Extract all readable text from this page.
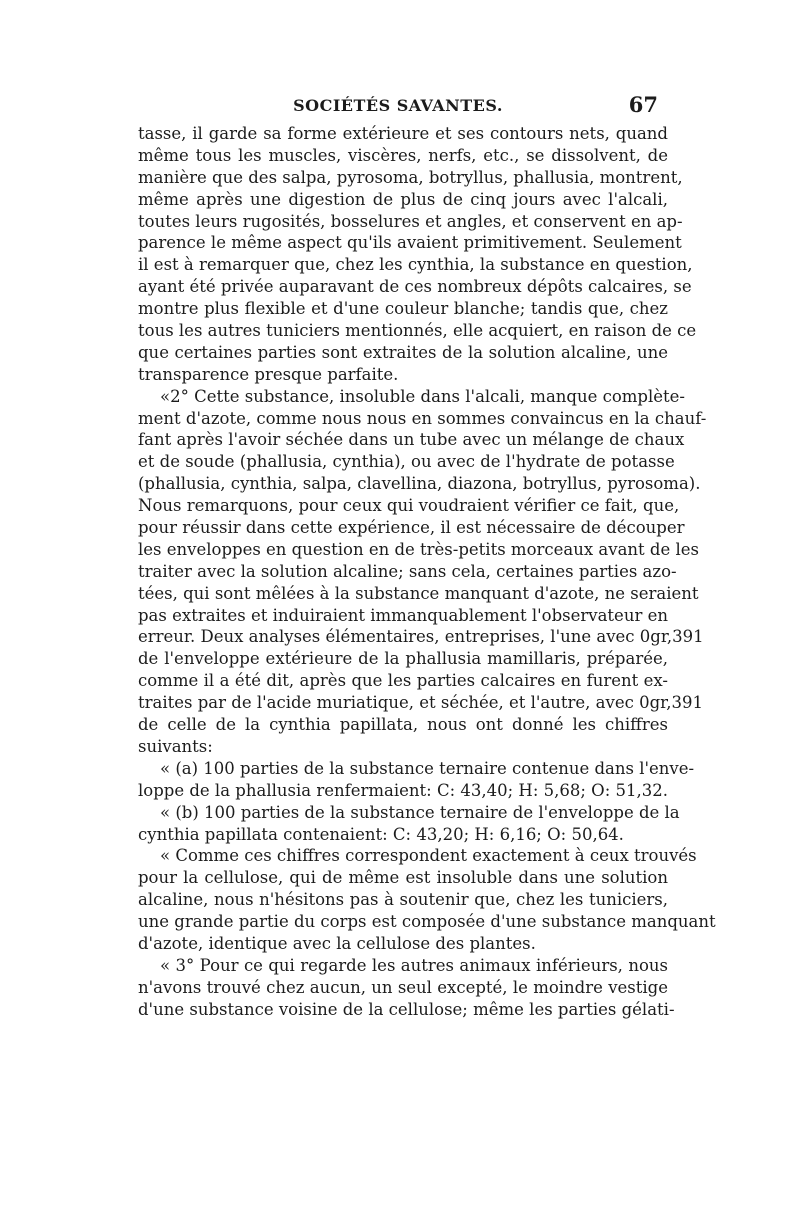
SOCIÉTÉS SAVANTES.	67
tasse, il garde sa forme extérieure et ses contours nets, quand
même tous les muscles, viscères, nerfs, etc., se dissolvent, de
manière que des salpa, pyrosoma, botryllus, phallusia, montrent,
même après une digestion de plus de cinq jours avec l'alcali,
toutes leurs rugosités, bosselures et angles, et conservent en ap-
parence le même aspect qu'ils avaient primitivement. Seulement
il est à remarquer que, chez les cynthia, la substance en question,
ayant été privée auparavant de ces nombreux dépôts calcaires, se
montre plus flexible et d'une couleur blanche; tandis que, chez
tous les autres tuniciers mentionnés, elle acquiert, en raison de ce
que certaines parties sont extraites de la solution alcaline, une
transparence presque parfaite.
«2° Cette substance, insoluble dans l'alcali, manque complète-
ment d'azote, comme nous nous en sommes convaincus en la chauf-
fant après l'avoir séchée dans un tube avec un mélange de chaux
et de soude (phallusia, cynthia), ou avec de l'hydrate de potasse
(phallusia, cynthia, salpa, clavellina, diazona, botryllus, pyrosoma).
Nous remarquons, pour ceux qui voudraient vérifier ce fait, que,
pour réussir dans cette expérience, il est nécessaire de découper
les enveloppes en question en de très-petits morceaux avant de les
traiter avec la solution alcaline; sans cela, certaines parties azo-
tées, qui sont mêlées à la substance manquant d'azote, ne seraient
pas extraites et induiraient immanquablement l'observateur en
erreur. Deux analyses élémentaires, entreprises, l'une avec 0gr,391
de l'enveloppe extérieure de la phallusia mamillaris, préparée,
comme il a été dit, après que les parties calcaires en furent ex-
traites par de l'acide muriatique, et séchée, et l'autre, avec 0gr,391
de celle de la cynthia papillata, nous ont donné les chiffres
suivants:
« (a) 100 parties de la substance ternaire contenue dans l'enve-
loppe de la phallusia renfermaient: C: 43,40; H: 5,68; O: 51,32.
« (b) 100 parties de la substance ternaire de l'enveloppe de la
cynthia papillata contenaient: C: 43,20; H: 6,16; O: 50,64.
« Comme ces chiffres correspondent exactement à ceux trouvés
pour la cellulose, qui de même est insoluble dans une solution
alcaline, nous n'hésitons pas à soutenir que, chez les tuniciers,
une grande partie du corps est composée d'une substance manquant
d'azote, identique avec la cellulose des plantes.
« 3° Pour ce qui regarde les autres animaux inférieurs, nous
n'avons trouvé chez aucun, un seul excepté, le moindre vestige
d'une substance voisine de la cellulose; même les parties gélati-
